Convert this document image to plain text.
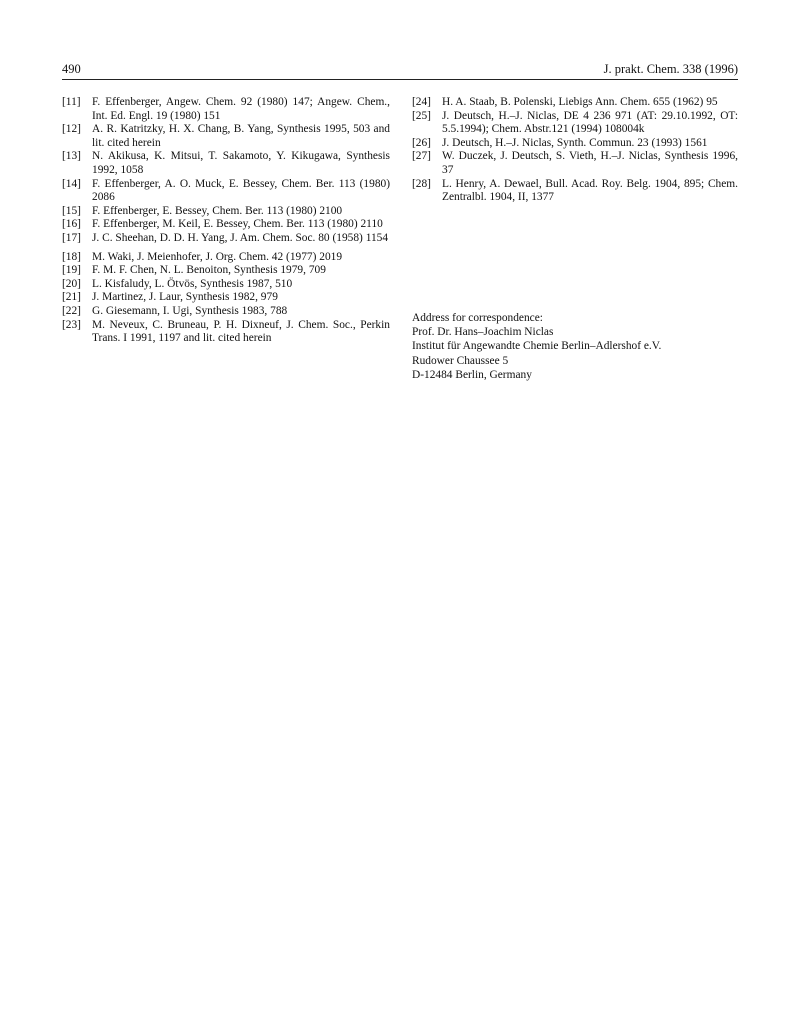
490	J. prakt. Chem. 338 (1996)
[11] F. Effenberger, Angew. Chem. 92 (1980) 147; Angew. Chem., Int. Ed. Engl. 19 (1980) 151
[12] A. R. Katritzky, H. X. Chang, B. Yang, Synthesis 1995, 503 and lit. cited herein
[13] N. Akikusa, K. Mitsui, T. Sakamoto, Y. Kikugawa, Synthesis 1992, 1058
[14] F. Effenberger, A. O. Muck, E. Bessey, Chem. Ber. 113 (1980) 2086
[15] F. Effenberger, E. Bessey, Chem. Ber. 113 (1980) 2100
[16] F. Effenberger, M. Keil, E. Bessey, Chem. Ber. 113 (1980) 2110
[17] J. C. Sheehan, D. D. H. Yang, J. Am. Chem. Soc. 80 (1958) 1154
[18] M. Waki, J. Meienhofer, J. Org. Chem. 42 (1977) 2019
[19] F. M. F. Chen, N. L. Benoiton, Synthesis 1979, 709
[20] L. Kisfaludy, L. Ötvös, Synthesis 1987, 510
[21] J. Martinez, J. Laur, Synthesis 1982, 979
[22] G. Giesemann, I. Ugi, Synthesis 1983, 788
[23] M. Neveux, C. Bruneau, P. H. Dixneuf, J. Chem. Soc., Perkin Trans. I 1991, 1197 and lit. cited herein
[24] H. A. Staab, B. Polenski, Liebigs Ann. Chem. 655 (1962) 95
[25] J. Deutsch, H.–J. Niclas, DE 4 236 971 (AT: 29.10.1992, OT: 5.5.1994); Chem. Abstr.121 (1994) 108004k
[26] J. Deutsch, H.–J. Niclas, Synth. Commun. 23 (1993) 1561
[27] W. Duczek, J. Deutsch, S. Vieth, H.–J. Niclas, Synthesis 1996, 37
[28] L. Henry, A. Dewael, Bull. Acad. Roy. Belg. 1904, 895; Chem. Zentralbl. 1904, II, 1377
Address for correspondence:
Prof. Dr. Hans–Joachim Niclas
Institut für Angewandte Chemie Berlin–Adlershof e.V.
Rudower Chaussee 5
D-12484 Berlin, Germany
